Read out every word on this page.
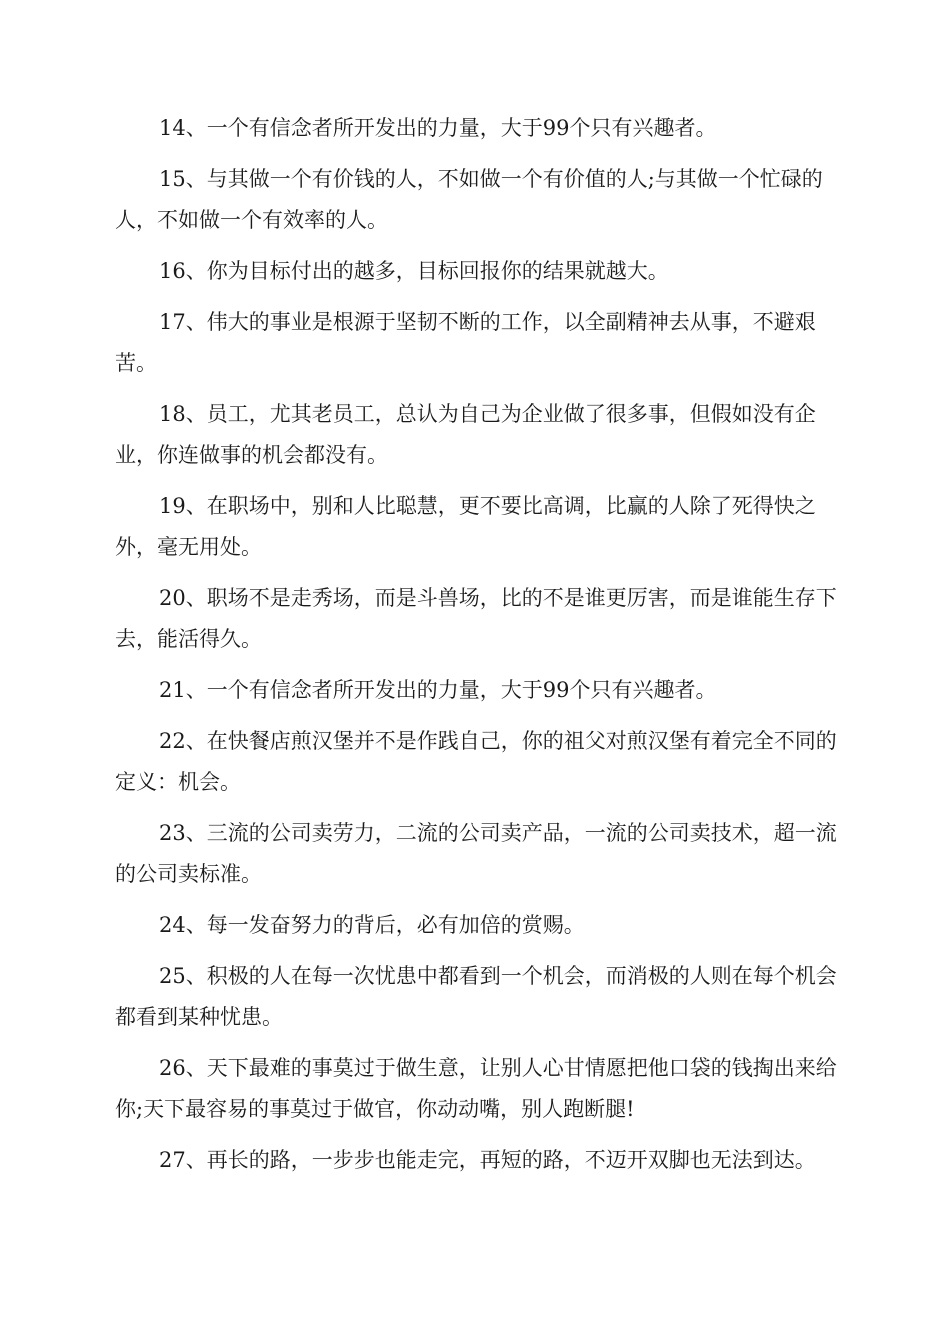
14、一个有信念者所开发出的力量，大于99个只有兴趣者。

15、与其做一个有价钱的人，不如做一个有价值的人;与其做一个忙碌的人，不如做一个有效率的人。

16、你为目标付出的越多，目标回报你的结果就越大。

17、伟大的事业是根源于坚韧不断的工作，以全副精神去从事，不避艰苦。

18、员工，尤其老员工，总认为自己为企业做了很多事，但假如没有企业，你连做事的机会都没有。

19、在职场中，别和人比聪慧，更不要比高调，比赢的人除了死得快之外，毫无用处。

20、职场不是走秀场，而是斗兽场，比的不是谁更厉害，而是谁能生存下去，能活得久。

21、一个有信念者所开发出的力量，大于99个只有兴趣者。

22、在快餐店煎汉堡并不是作践自己，你的祖父对煎汉堡有着完全不同的定义：机会。

23、三流的公司卖劳力，二流的公司卖产品，一流的公司卖技术，超一流的公司卖标准。

24、每一发奋努力的背后，必有加倍的赏赐。

25、积极的人在每一次忧患中都看到一个机会，而消极的人则在每个机会都看到某种忧患。

26、天下最难的事莫过于做生意，让别人心甘情愿把他口袋的钱掏出来给你;天下最容易的事莫过于做官，你动动嘴，别人跑断腿!

27、再长的路，一步步也能走完，再短的路，不迈开双脚也无法到达。
